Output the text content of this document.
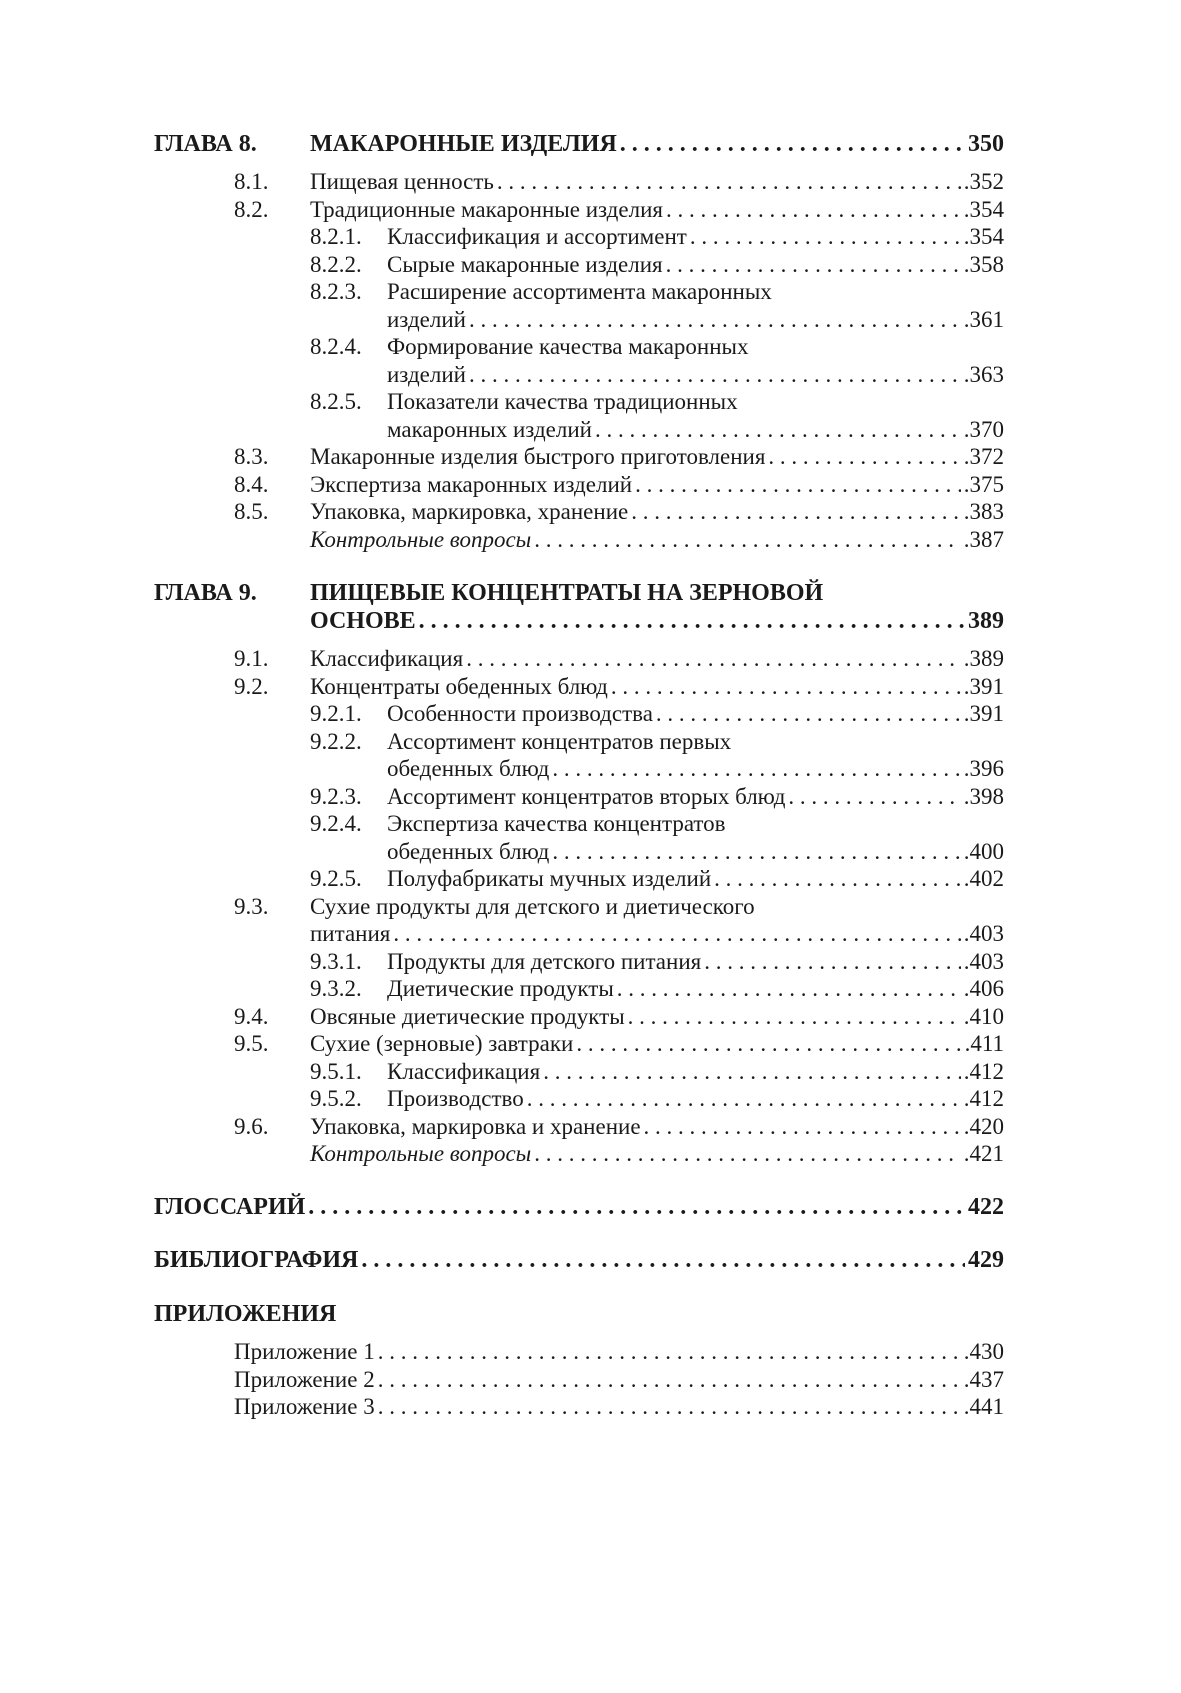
ГЛАВА 8. МАКАРОННЫЕ ИЗДЕЛИЯ . . .	350
8.1. Пищевая ценность . . .	.352
8.2. Традиционные макаронные изделия . . .	.354
8.2.1. Классификация и ассортимент . . .	.354
8.2.2. Сырые макаронные изделия . . .	.358
8.2.3. Расширение ассортимента макаронных
изделий . . .	.361
8.2.4. Формирование качества макаронных
изделий . . .	.363
8.2.5. Показатели качества традиционных
макаронных изделий . . .	.370
8.3. Макаронные изделия быстрого приготовления . . .	.372
8.4. Экспертиза макаронных изделий . . .	.375
8.5. Упаковка, маркировка, хранение . . .	.383
Контрольные вопросы . . .	.387
ГЛАВА 9. ПИЩЕВЫЕ КОНЦЕНТРАТЫ НА ЗЕРНОВОЙ
ОСНОВЕ . . .	389
9.1. Классификация . . .	.389
9.2. Концентраты обеденных блюд . . .	.391
9.2.1. Особенности производства . . .	.391
9.2.2. Ассортимент концентратов первых
обеденных блюд . . .	.396
9.2.3. Ассортимент концентратов вторых блюд . . .	.398
9.2.4. Экспертиза качества концентратов
обеденных блюд . . .	.400
9.2.5. Полуфабрикаты мучных изделий . . .	.402
9.3. Сухие продукты для детского и диетического
питания . . .	.403
9.3.1. Продукты для детского питания . . .	.403
9.3.2. Диетические продукты . . .	.406
9.4. Овсяные диетические продукты . . .	.410
9.5. Сухие (зерновые) завтраки . . .	.411
9.5.1. Классификация . . .	.412
9.5.2. Производство . . .	.412
9.6. Упаковка, маркировка и хранение . . .	.420
Контрольные вопросы . . .	.421
ГЛОССАРИЙ . . .	422
БИБЛИОГРАФИЯ . . .	429
ПРИЛОЖЕНИЯ
Приложение 1 . . .	.430
Приложение 2 . . .	.437
Приложение 3 . . .	.441
